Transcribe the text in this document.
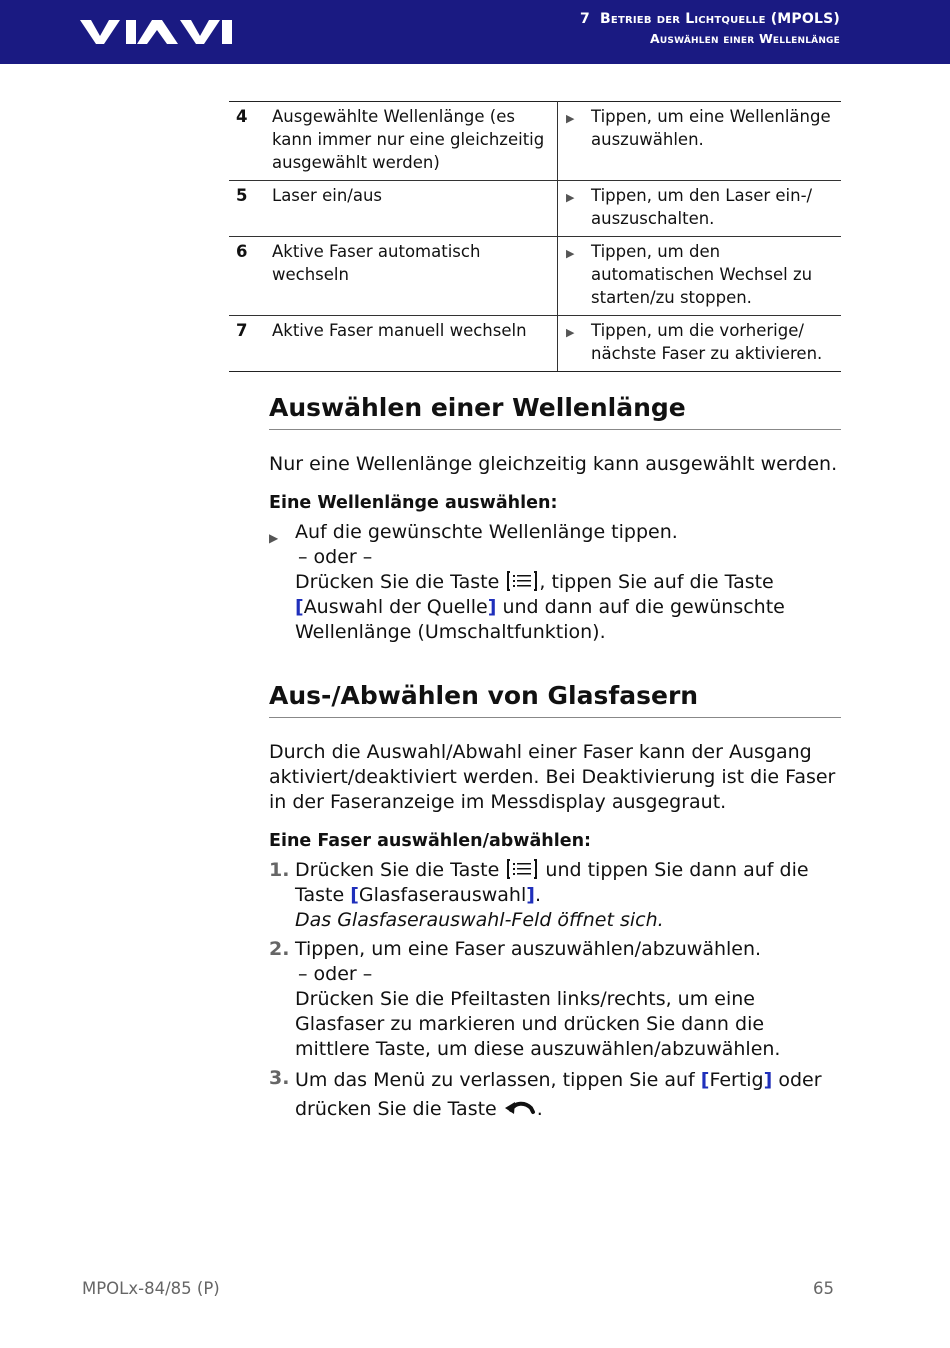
7 Betrieb der Lichtquelle (MPOLS)
Auswählen einer Wellenlänge
4	Ausgewählte Wellenlänge (es kann immer nur eine gleichzeitig ausgewählt werden)	▶ Tippen, um eine Wellenlänge auszuwählen.

5	Laser ein/aus	▶ Tippen, um den Laser ein-/ auszuschalten.

6	Aktive Faser automatisch wechseln	▶ Tippen, um den automatischen Wechsel zu starten/zu stoppen.

7	Aktive Faser manuell wechseln	▶ Tippen, um die vorherige/ nächste Faser zu aktivieren.
Auswählen einer Wellenlänge

Nur eine Wellenlänge gleichzeitig kann ausgewählt werden.

Eine Wellenlänge auswählen:
▶ Auf die gewünschte Wellenlänge tippen.
– oder –
Drücken Sie die Taste , tippen Sie auf die Taste [Auswahl der Quelle] und dann auf die gewünschte Wellenlänge (Umschaltfunktion).
Aus-/Abwählen von Glasfasern

Durch die Auswahl/Abwahl einer Faser kann der Ausgang aktiviert/deaktiviert werden. Bei Deaktivierung ist die Faser in der Faseranzeige im Messdisplay ausgegraut.

Eine Faser auswählen/abwählen:
1. Drücken Sie die Taste und tippen Sie dann auf die Taste [Glasfaserauswahl].
Das Glasfaserauswahl-Feld öffnet sich.
2. Tippen, um eine Faser auszuwählen/abzuwählen.
– oder –
Drücken Sie die Pfeiltasten links/rechts, um eine Glasfaser zu markieren und drücken Sie dann die mittlere Taste, um diese auszuwählen/abzuwählen.
3. Um das Menü zu verlassen, tippen Sie auf [Fertig] oder drücken Sie die Taste .
MPOLx-84/85 (P)	65
